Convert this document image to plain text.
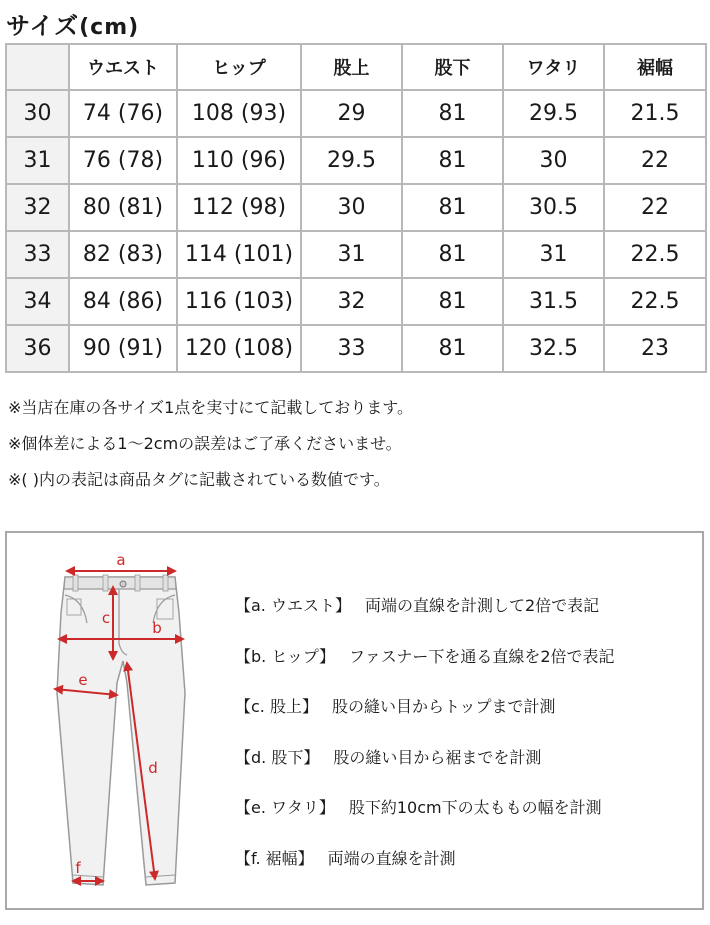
サイズ(cm)
	ウエスト	ヒップ	股上	股下	ワタリ	裾幅
30	74 (76)	108 (93)	29	81	29.5	21.5
31	76 (78)	110 (96)	29.5	81	30	22
32	80 (81)	112 (98)	30	81	30.5	22
33	82 (83)	114 (101)	31	81	31	22.5
34	84 (86)	116 (103)	32	81	31.5	22.5
36	90 (91)	120 (108)	33	81	32.5	23

※当店在庫の各サイズ1点を実寸にて記載しております。

※個体差による1〜2cmの誤差はご了承くださいませ。

※( )内の表記は商品タグに記載されている数値です。

a
b
c
d
e
f
【a. ウエスト】 両端の直線を計測して2倍で表記
【b. ヒップ】 ファスナー下を通る直線を2倍で表記
【c. 股上】 股の縫い目からトップまで計測
【d. 股下】 股の縫い目から裾までを計測
【e. ワタリ】 股下約10cm下の太ももの幅を計測
【f. 裾幅】 両端の直線を計測
